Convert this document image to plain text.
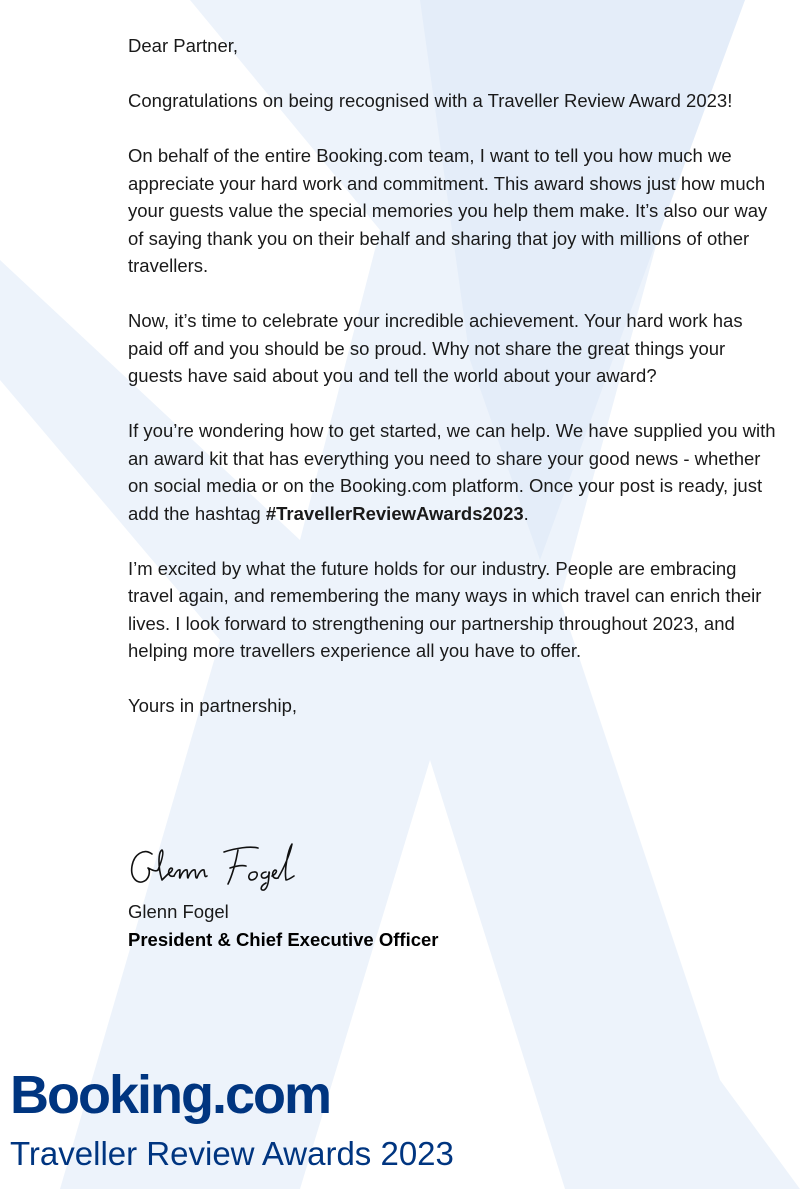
Dear Partner,

Congratulations on being recognised with a Traveller Review Award 2023!

On behalf of the entire Booking.com team, I want to tell you how much we appreciate your hard work and commitment. This award shows just how much your guests value the special memories you help them make. It’s also our way of saying thank you on their behalf and sharing that joy with millions of other travellers.

Now, it’s time to celebrate your incredible achievement. Your hard work has paid off and you should be so proud. Why not share the great things your guests have said about you and tell the world about your award?

If you’re wondering how to get started, we can help. We have supplied you with an award kit that has everything you need to share your good news - whether on social media or on the Booking.com platform. Once your post is ready, just add the hashtag #TravellerReviewAwards2023.

I’m excited by what the future holds for our industry. People are embracing travel again, and remembering the many ways in which travel can enrich their lives. I look forward to strengthening our partnership throughout 2023, and helping more travellers experience all you have to offer.

Yours in partnership,

Glenn Fogel
President & Chief Executive Officer
Booking.com
Traveller Review Awards 2023
